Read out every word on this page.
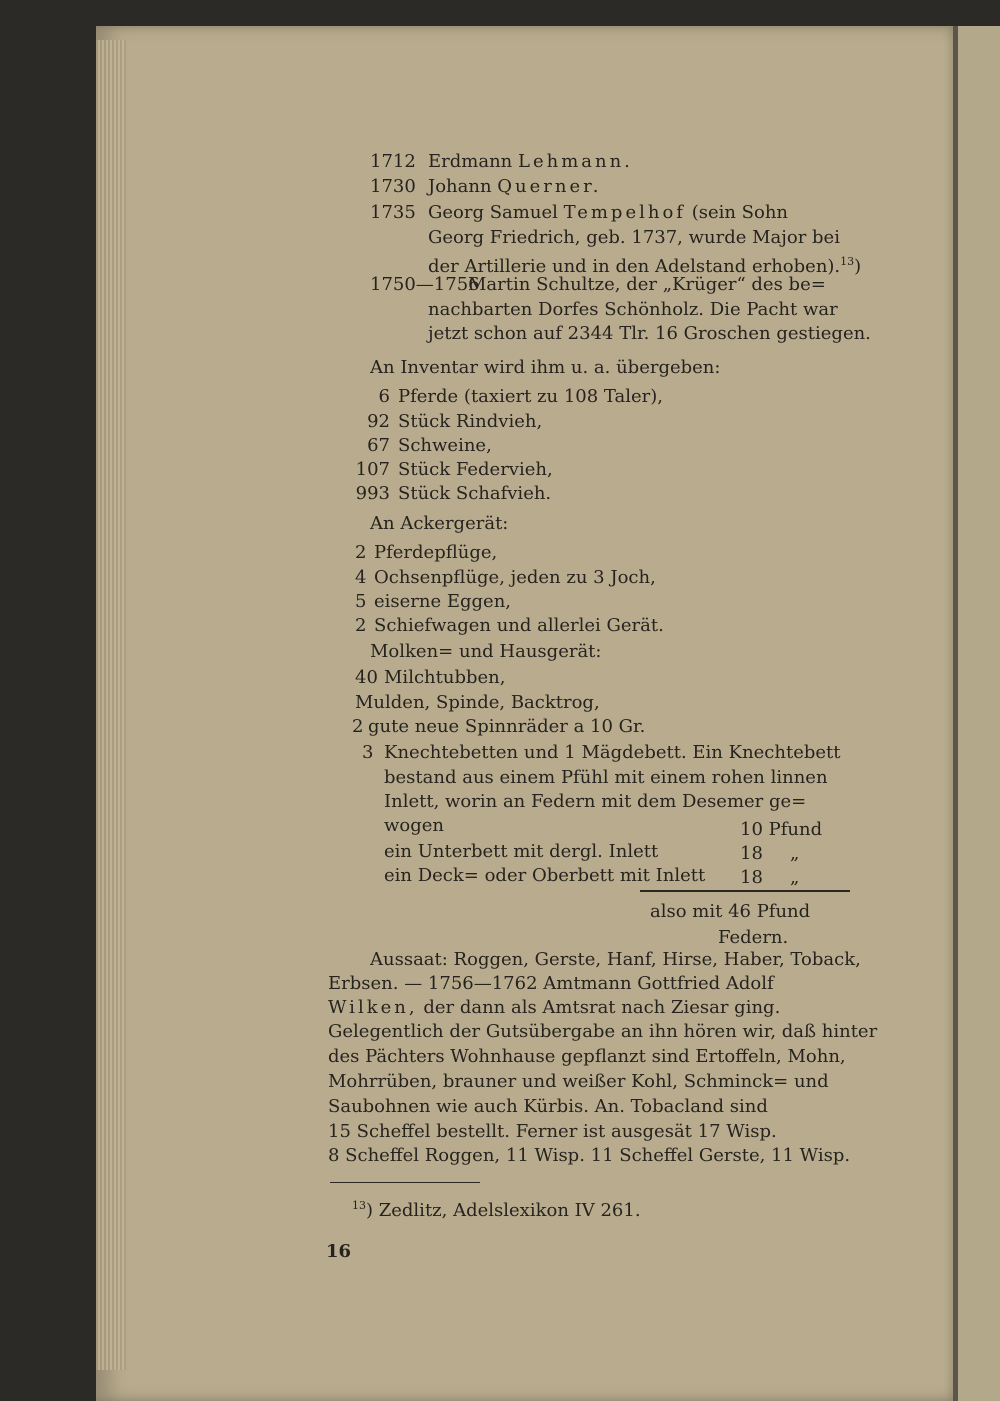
1712 Erdmann Lehmann.
1730 Johann Querner.
1735 Georg Samuel Tempelhof (sein Sohn
Georg Friedrich, geb. 1737, wurde Major bei
der Artillerie und in den Adelstand erhoben).$^{13}$)
1750—1756
Martin Schultze, der „Krüger“ des be=
nachbarten Dorfes Schönholz. Die Pacht war
jetzt schon auf 2344 Tlr. 16 Groschen gestiegen.
An Inventar wird ihm u. a. übergeben:
6 Pferde (taxiert zu 108 Taler),
92 Stück Rindvieh,
67 Schweine,
107 Stück Federvieh,
993 Stück Schafvieh.
An Ackergerät:
2 Pferdepflüge,
4 Ochsenpflüge, jeden zu 3 Joch,
5 eiserne Eggen,
2 Schiefwagen und allerlei Gerät.
Molken= und Hausgerät:
40 Milchtubben,
Mulden, Spinde, Backtrog,
2 gute neue Spinnräder a 10 Gr.
3 Knechtebetten und 1 Mägdebett. Ein Knechtebett
bestand aus einem Pfühl mit einem rohen linnen
Inlett, worin an Federn mit dem Desemer ge=
wogen	10 Pfund
ein Unterbett mit dergl. Inlett	18 „
ein Deck= oder Oberbett mit Inlett 18 „
also mit 46 Pfund
Federn.
Aussaat: Roggen, Gerste, Hanf, Hirse, Haber, Toback,
Erbsen. — 1756—1762 Amtmann Gottfried Adolf
Wilken, der dann als Amtsrat nach Ziesar ging.
Gelegentlich der Gutsübergabe an ihn hören wir, daß hinter
des Pächters Wohnhause gepflanzt sind Ertoffeln, Mohn,
Mohrrüben, brauner und weißer Kohl, Schminck= und
Saubohnen wie auch Kürbis. An. Tobacland sind
15 Scheffel bestellt. Ferner ist ausgesät 17 Wisp.
8 Scheffel Roggen, 11 Wisp. 11 Scheffel Gerste, 11 Wisp.
$^{13}$) Zedlitz, Adelslexikon IV 261.
16
